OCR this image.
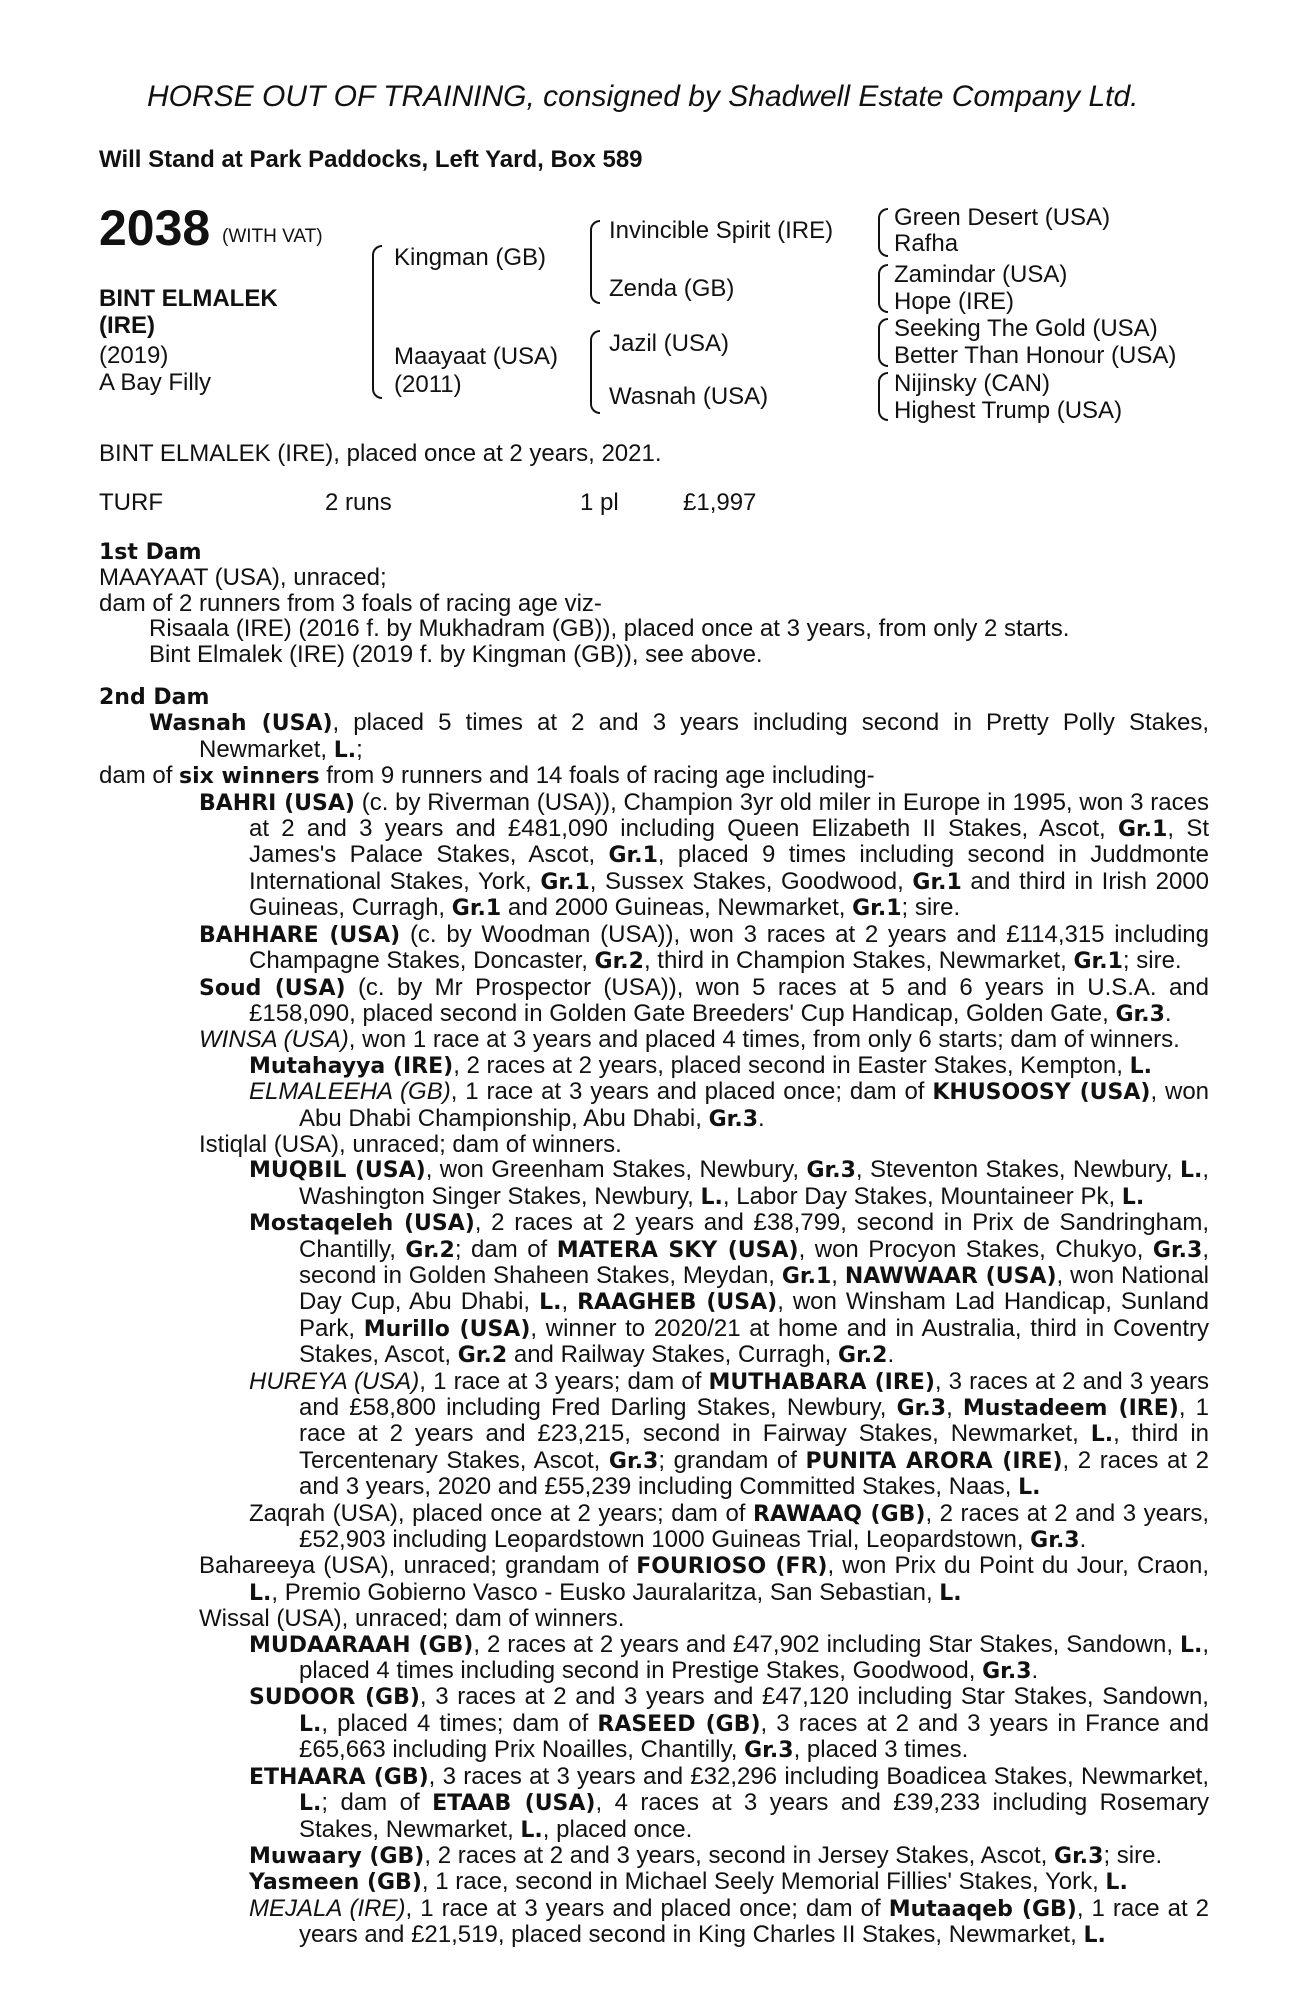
HORSE OUT OF TRAINING, consigned by Shadwell Estate Company Ltd.
Will Stand at Park Paddocks, Left Yard, Box 589
2038 (WITH VAT)
BINT ELMALEK (IRE)
(2019)
A Bay Filly
Kingman (GB)
Maayaat (USA)
(2011)
Invincible Spirit (IRE)
Zenda (GB)
Jazil (USA)
Wasnah (USA)
Green Desert (USA)
Rafha
Zamindar (USA)
Hope (IRE)
Seeking The Gold (USA)
Better Than Honour (USA)
Nijinsky (CAN)
Highest Trump (USA)
BINT ELMALEK (IRE), placed once at 2 years, 2021.
TURF	2 runs	1 pl	£1,997
1st Dam
MAAYAAT (USA), unraced;
dam of 2 runners from 3 foals of racing age viz-
Risaala (IRE) (2016 f. by Mukhadram (GB)), placed once at 3 years, from only 2 starts.
Bint Elmalek (IRE) (2019 f. by Kingman (GB)), see above.
2nd Dam
Wasnah (USA), placed 5 times at 2 and 3 years including second in Pretty Polly Stakes, Newmarket, L.;
dam of six winners from 9 runners and 14 foals of racing age including-
BAHRI (USA) (c. by Riverman (USA)), Champion 3yr old miler in Europe in 1995, won 3 races at 2 and 3 years and £481,090 including Queen Elizabeth II Stakes, Ascot, Gr.1, St James's Palace Stakes, Ascot, Gr.1, placed 9 times including second in Juddmonte International Stakes, York, Gr.1, Sussex Stakes, Goodwood, Gr.1 and third in Irish 2000 Guineas, Curragh, Gr.1 and 2000 Guineas, Newmarket, Gr.1; sire.
BAHHARE (USA) (c. by Woodman (USA)), won 3 races at 2 years and £114,315 including Champagne Stakes, Doncaster, Gr.2, third in Champion Stakes, Newmarket, Gr.1; sire.
Soud (USA) (c. by Mr Prospector (USA)), won 5 races at 5 and 6 years in U.S.A. and £158,090, placed second in Golden Gate Breeders' Cup Handicap, Golden Gate, Gr.3.
WINSA (USA), won 1 race at 3 years and placed 4 times, from only 6 starts; dam of winners.
Mutahayya (IRE), 2 races at 2 years, placed second in Easter Stakes, Kempton, L.
ELMALEEHA (GB), 1 race at 3 years and placed once; dam of KHUSOOSY (USA), won Abu Dhabi Championship, Abu Dhabi, Gr.3.
Istiqlal (USA), unraced; dam of winners.
MUQBIL (USA), won Greenham Stakes, Newbury, Gr.3, Steventon Stakes, Newbury, L., Washington Singer Stakes, Newbury, L., Labor Day Stakes, Mountaineer Pk, L.
Mostaqeleh (USA), 2 races at 2 years and £38,799, second in Prix de Sandringham, Chantilly, Gr.2; dam of MATERA SKY (USA), won Procyon Stakes, Chukyo, Gr.3, second in Golden Shaheen Stakes, Meydan, Gr.1, NAWWAAR (USA), won National Day Cup, Abu Dhabi, L., RAAGHEB (USA), won Winsham Lad Handicap, Sunland Park, Murillo (USA), winner to 2020/21 at home and in Australia, third in Coventry Stakes, Ascot, Gr.2 and Railway Stakes, Curragh, Gr.2.
HUREYA (USA), 1 race at 3 years; dam of MUTHABARA (IRE), 3 races at 2 and 3 years and £58,800 including Fred Darling Stakes, Newbury, Gr.3, Mustadeem (IRE), 1 race at 2 years and £23,215, second in Fairway Stakes, Newmarket, L., third in Tercentenary Stakes, Ascot, Gr.3; grandam of PUNITA ARORA (IRE), 2 races at 2 and 3 years, 2020 and £55,239 including Committed Stakes, Naas, L.
Zaqrah (USA), placed once at 2 years; dam of RAWAAQ (GB), 2 races at 2 and 3 years, £52,903 including Leopardstown 1000 Guineas Trial, Leopardstown, Gr.3.
Bahareeya (USA), unraced; grandam of FOURIOSO (FR), won Prix du Point du Jour, Craon, L., Premio Gobierno Vasco - Eusko Jauralaritza, San Sebastian, L.
Wissal (USA), unraced; dam of winners.
MUDAARAAH (GB), 2 races at 2 years and £47,902 including Star Stakes, Sandown, L., placed 4 times including second in Prestige Stakes, Goodwood, Gr.3.
SUDOOR (GB), 3 races at 2 and 3 years and £47,120 including Star Stakes, Sandown, L., placed 4 times; dam of RASEED (GB), 3 races at 2 and 3 years in France and £65,663 including Prix Noailles, Chantilly, Gr.3, placed 3 times.
ETHAARA (GB), 3 races at 3 years and £32,296 including Boadicea Stakes, Newmarket, L.; dam of ETAAB (USA), 4 races at 3 years and £39,233 including Rosemary Stakes, Newmarket, L., placed once.
Muwaary (GB), 2 races at 2 and 3 years, second in Jersey Stakes, Ascot, Gr.3; sire.
Yasmeen (GB), 1 race, second in Michael Seely Memorial Fillies' Stakes, York, L.
MEJALA (IRE), 1 race at 3 years and placed once; dam of Mutaaqeb (GB), 1 race at 2 years and £21,519, placed second in King Charles II Stakes, Newmarket, L.
